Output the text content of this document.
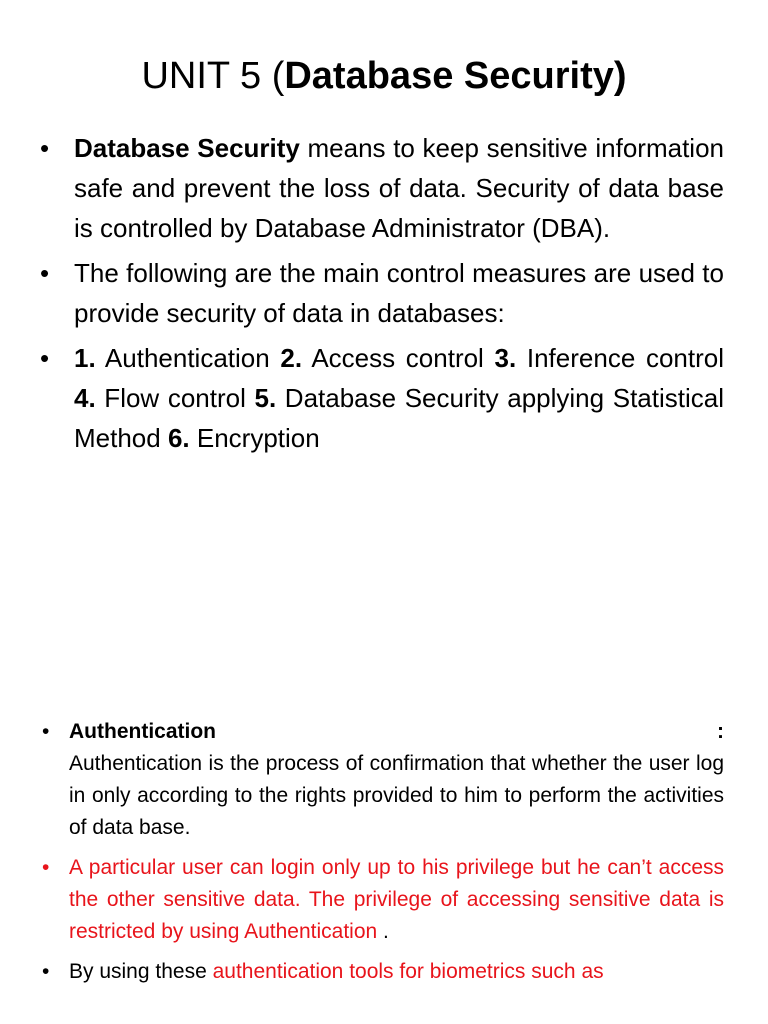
UNIT 5 (Database Security)
• Database Security means to keep sensitive information safe and prevent the loss of data. Security of data base is controlled by Database Administrator (DBA).
• The following are the main control measures are used to provide security of data in databases:
• 1. Authentication 2. Access control 3. Inference control 4. Flow control 5. Database Security applying Statistical Method 6. Encryption
• Authentication	:
Authentication is the process of confirmation that whether the user log in only according to the rights provided to him to perform the activities of data base.
• A particular user can login only up to his privilege but he can’t access the other sensitive data. The privilege of accessing sensitive data is restricted by using Authentication .
• By using these authentication tools for biometrics such as
